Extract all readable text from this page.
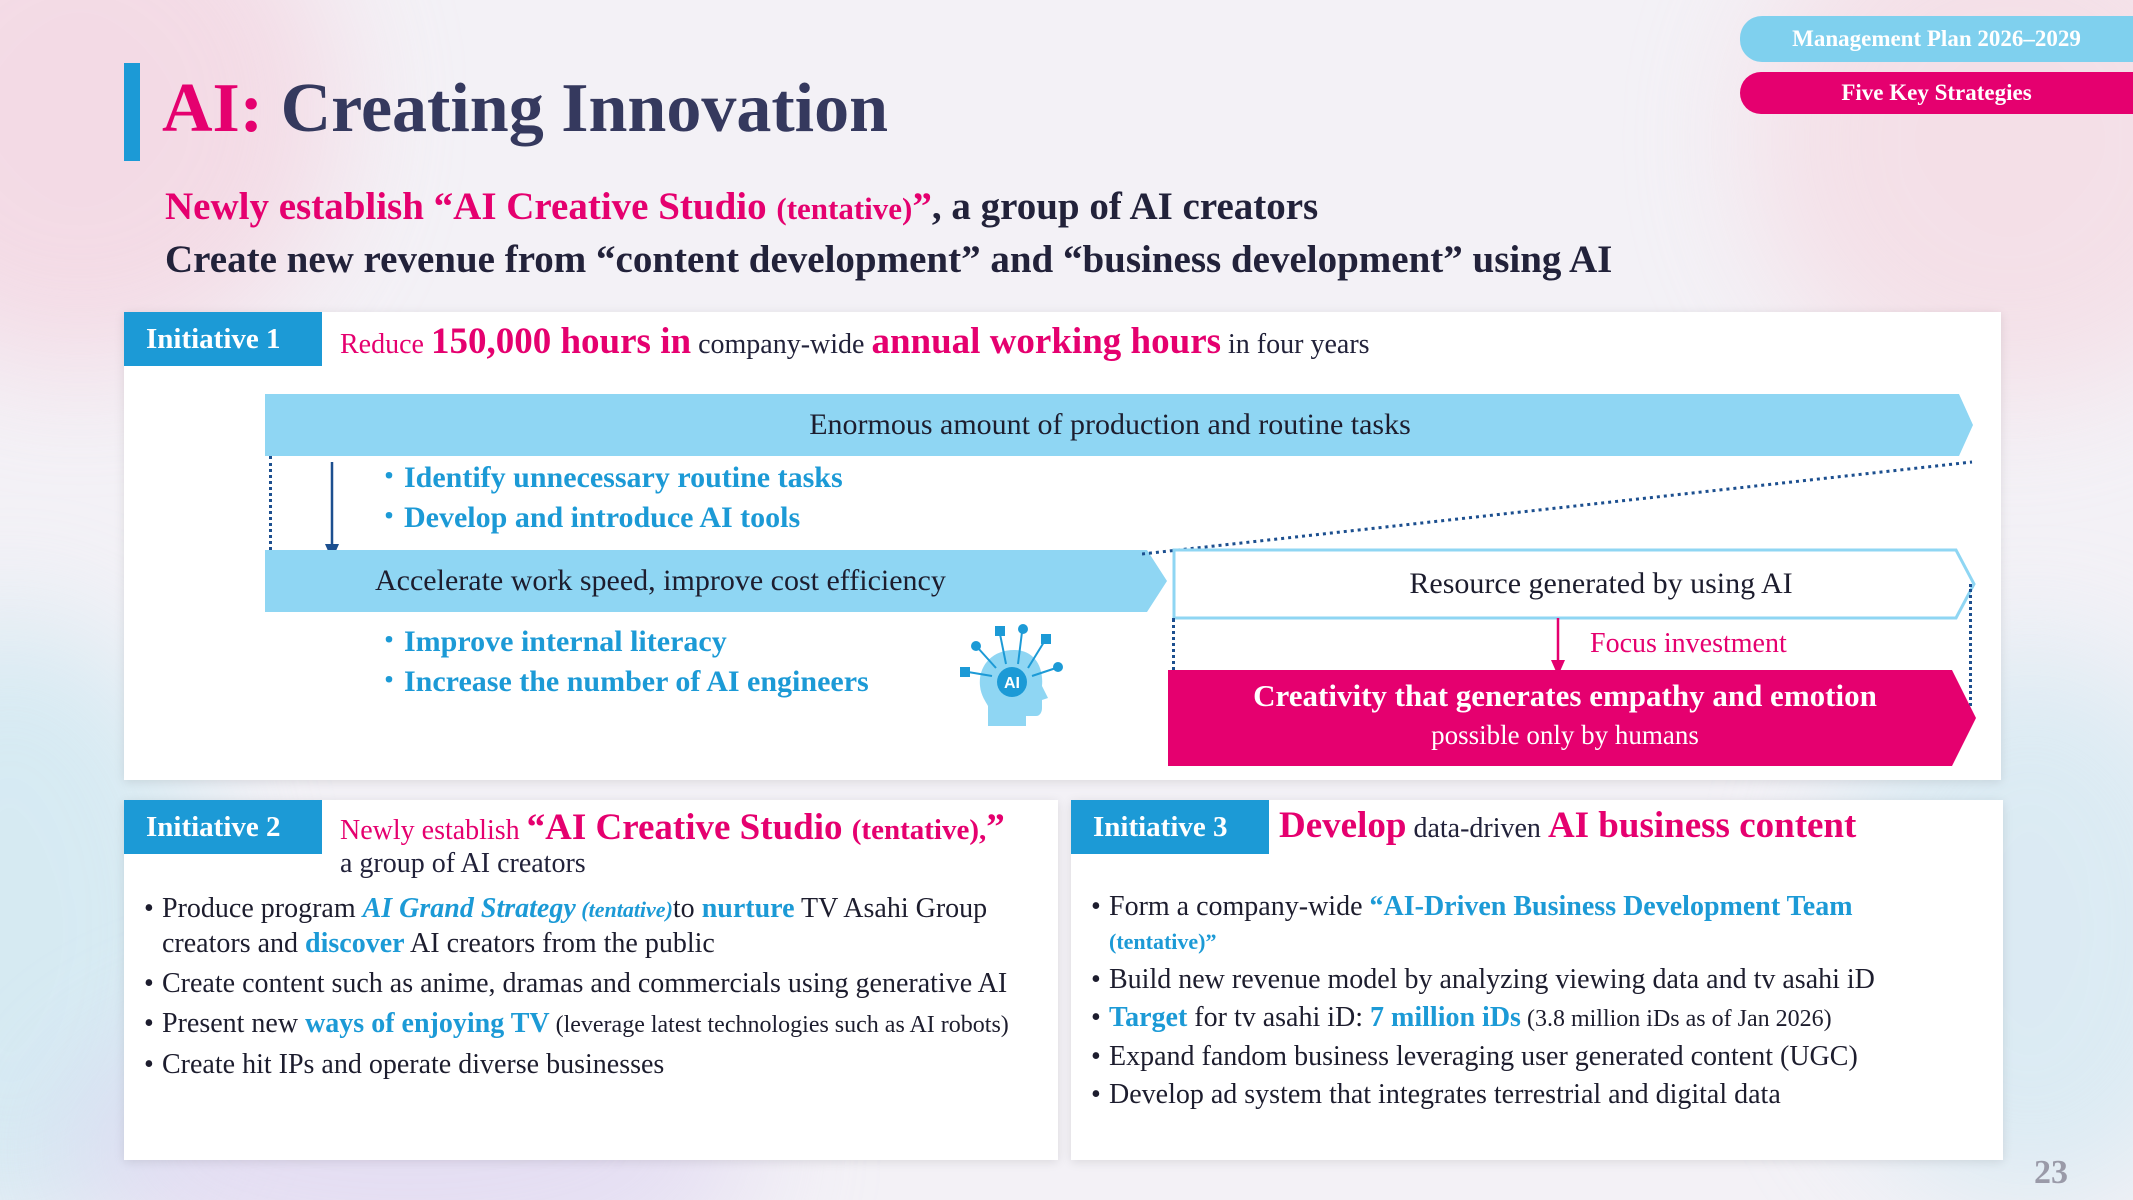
Management Plan 2026–2029
Five Key Strategies
AI: Creating Innovation
Newly establish “AI Creative Studio (tentative)”, a group of AI creators
Create new revenue from “content development” and “business development” using AI
Initiative 1	Reduce 150,000 hours in company-wide annual working hours in four years
Enormous amount of production and routine tasks
・ Identify unnecessary routine tasks
・ Develop and introduce AI tools
Accelerate work speed, improve cost efficiency	Resource generated by using AI
Focus investment
Creativity that generates empathy and emotion
possible only by humans
・ Improve internal literacy
・ Increase the number of AI engineers	AI
Initiative 2	Newly establish “AI Creative Studio (tentative),”
a group of AI creators
• Produce program AI Grand Strategy (tentative)to nurture TV Asahi Group creators and discover AI creators from the public
• Create content such as anime, dramas and commercials using generative AI
• Present new ways of enjoying TV (leverage latest technologies such as AI robots)
• Create hit IPs and operate diverse businesses
Initiative 3	Develop data-driven AI business content
• Form a company-wide “AI-Driven Business Development Team
(tentative)”
• Build new revenue model by analyzing viewing data and tv asahi iD
• Target for tv asahi iD: 7 million iDs (3.8 million iDs as of Jan 2026)
• Expand fandom business leveraging user generated content (UGC)
• Develop ad system that integrates terrestrial and digital data
23
